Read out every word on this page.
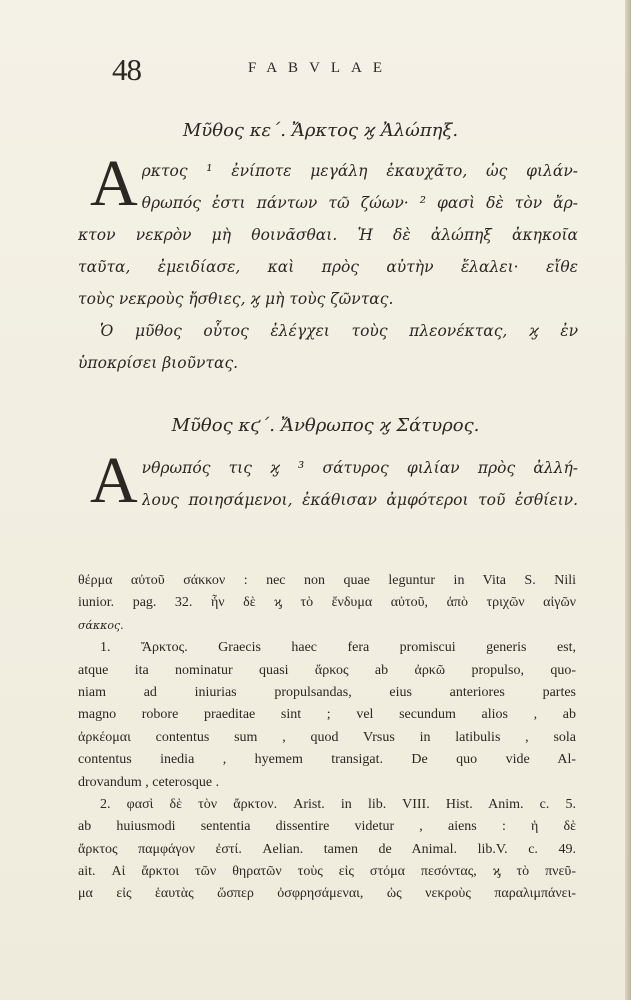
48	FABVLAE
Μῦθος κε΄. Ἄρκτος ϗ Ἀλώπηξ.
Α ρκτος ¹ ἐνίποτε μεγάλη ἐκαυχᾶτο, ὡς φιλάν-
θρωπός ἐστι πάντων τῶ ζώων· ² φασὶ δὲ τὸν ἄρ-
κτον νεκρὸν μὴ θοινᾶσθαι. Ἡ δὲ ἀλώπηξ ἀκηκοῖα
ταῦτα, ἐμειδίασε, καὶ πρὸς αὐτὴν ἔλαλει· εἴθε
τοὺς νεκροὺς ἤσθιες, ϗ μὴ τοὺς ζῶντας.
Ὁ μῦθος οὗτος ἐλέγχει τοὺς πλεονέκτας, ϗ ἐν
ὑποκρίσει βιοῦντας.
Μῦθος κϛ΄. Ἄνθρωπος ϗ Σάτυρος.
Α νθρωπός τις ϗ ³ σάτυρος φιλίαν πρὸς ἀλλή-
λους ποιησάμενοι, ἐκάθισαν ἀμφότεροι τοῦ ἐσθίειν.
θέρμα αὐτοῦ σάκκον : nec non quae leguntur in Vita S. Nili
iunior. pag. 32. ἦν δὲ ϗ τὸ ἔνδυμα αὐτοῦ, ἀπὸ τριχῶν αἰγῶν
σάκκος.
1. Ἄρκτος. Graecis haec fera promiscui generis est,
atque ita nominatur quasi ἄρκος ab ἀρκῶ propulso, quo-
niam ad iniurias propulsandas, eius anteriores partes
magno robore praeditae sint ; vel secundum alios , ab
ἀρκέομαι contentus sum , quod Vrsus in latibulis , sola
contentus inedia , hyemem transigat. De quo vide Al-
drovandum , ceterosque .
2. φασὶ δὲ τὸν ἄρκτον. Arist. in lib. VIII. Hist. Anim. c. 5.
ab huiusmodi sententia dissentire videtur , aiens : ἡ δὲ
ἄρκτος παμφάγον ἐστί. Aelian. tamen de Animal. lib.V. c. 49.
ait. Αἱ ἄρκτοι τῶν θηρατῶν τοὺς εἰς στόμα πεσόντας, ϗ τὸ πνεῦ-
μα εἰς ἑαυτὰς ὥσπερ ὀσφρησάμεναι, ὡς νεκροὺς παραλιμπάνει-
